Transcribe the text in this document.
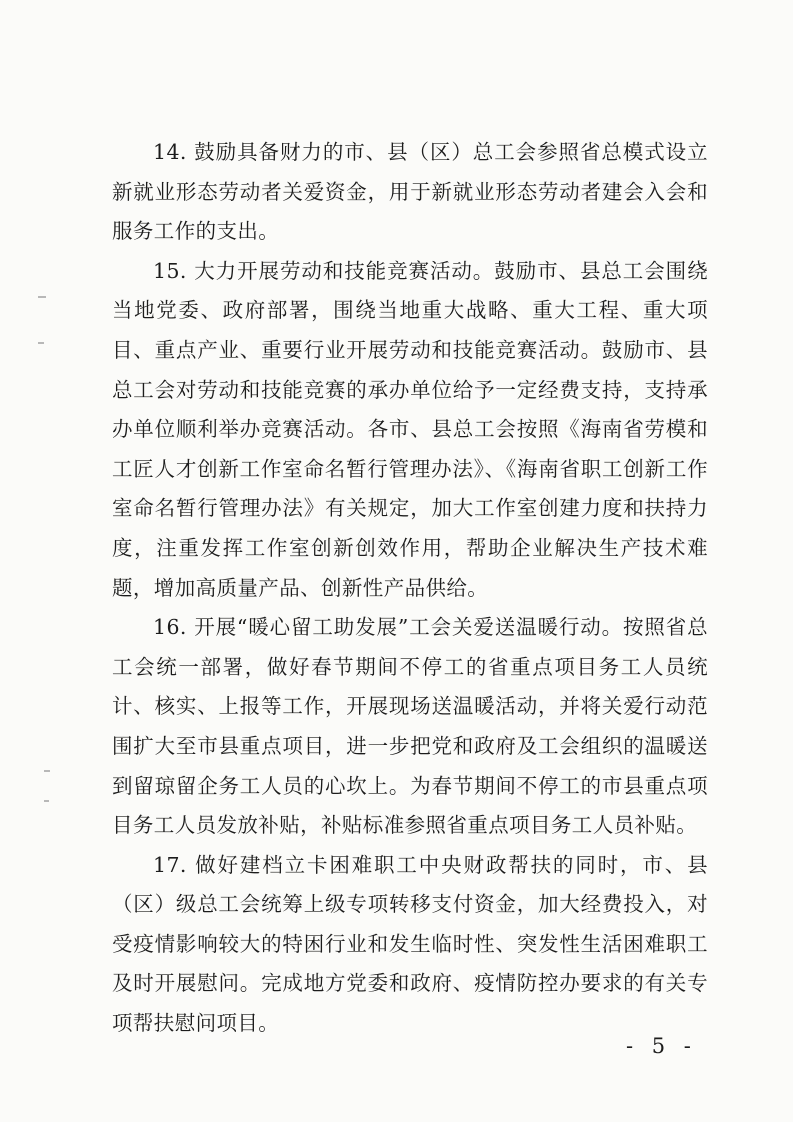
14. 鼓励具备财力的市、县（区）总工会参照省总模式设立新就业形态劳动者关爱资金，用于新就业形态劳动者建会入会和服务工作的支出。

15. 大力开展劳动和技能竞赛活动。鼓励市、县总工会围绕当地党委、政府部署，围绕当地重大战略、重大工程、重大项目、重点产业、重要行业开展劳动和技能竞赛活动。鼓励市、县总工会对劳动和技能竞赛的承办单位给予一定经费支持，支持承办单位顺利举办竞赛活动。各市、县总工会按照《海南省劳模和工匠人才创新工作室命名暂行管理办法》、《海南省职工创新工作室命名暂行管理办法》有关规定，加大工作室创建力度和扶持力度，注重发挥工作室创新创效作用，帮助企业解决生产技术难题，增加高质量产品、创新性产品供给。

16. 开展“暖心留工助发展”工会关爱送温暖行动。按照省总工会统一部署，做好春节期间不停工的省重点项目务工人员统计、核实、上报等工作，开展现场送温暖活动，并将关爱行动范围扩大至市县重点项目，进一步把党和政府及工会组织的温暖送到留琼留企务工人员的心坎上。为春节期间不停工的市县重点项目务工人员发放补贴，补贴标准参照省重点项目务工人员补贴。

17. 做好建档立卡困难职工中央财政帮扶的同时，市、县（区）级总工会统筹上级专项转移支付资金，加大经费投入，对受疫情影响较大的特困行业和发生临时性、突发性生活困难职工及时开展慰问。完成地方党委和政府、疫情防控办要求的有关专项帮扶慰问项目。

- 5 -
